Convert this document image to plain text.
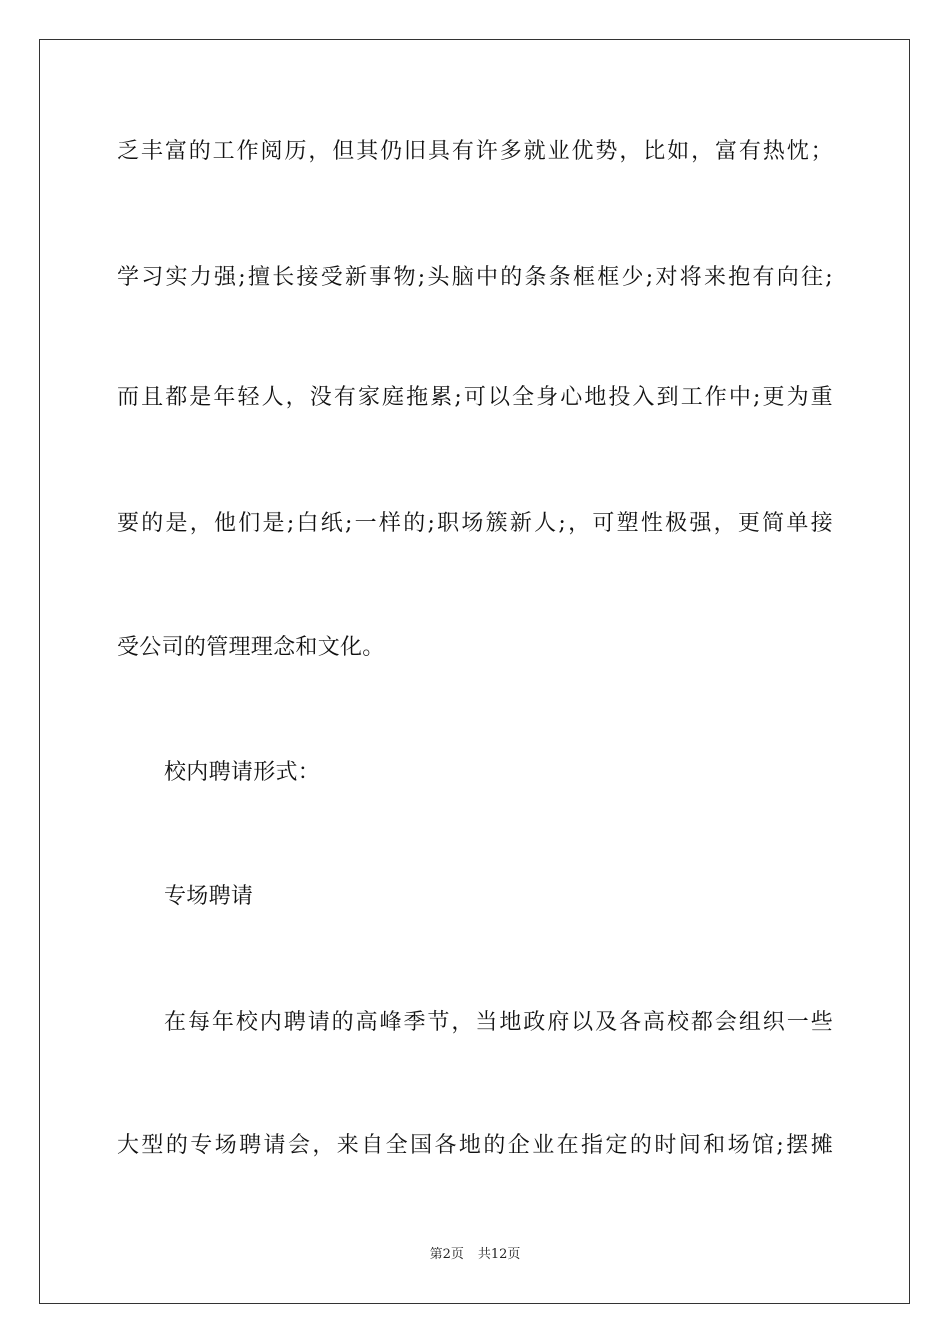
乏丰富的工作阅历，但其仍旧具有许多就业优势，比如，富有热忱；
学习实力强;擅长接受新事物;头脑中的条条框框少;对将来抱有向往;
而且都是年轻人，没有家庭拖累;可以全身心地投入到工作中;更为重
要的是，他们是;白纸;一样的;职场簇新人;，可塑性极强，更简单接
受公司的管理理念和文化。
校内聘请形式：
专场聘请
在每年校内聘请的高峰季节，当地政府以及各高校都会组织一些
大型的专场聘请会，来自全国各地的企业在指定的时间和场馆;摆摊
第2页 共12页
